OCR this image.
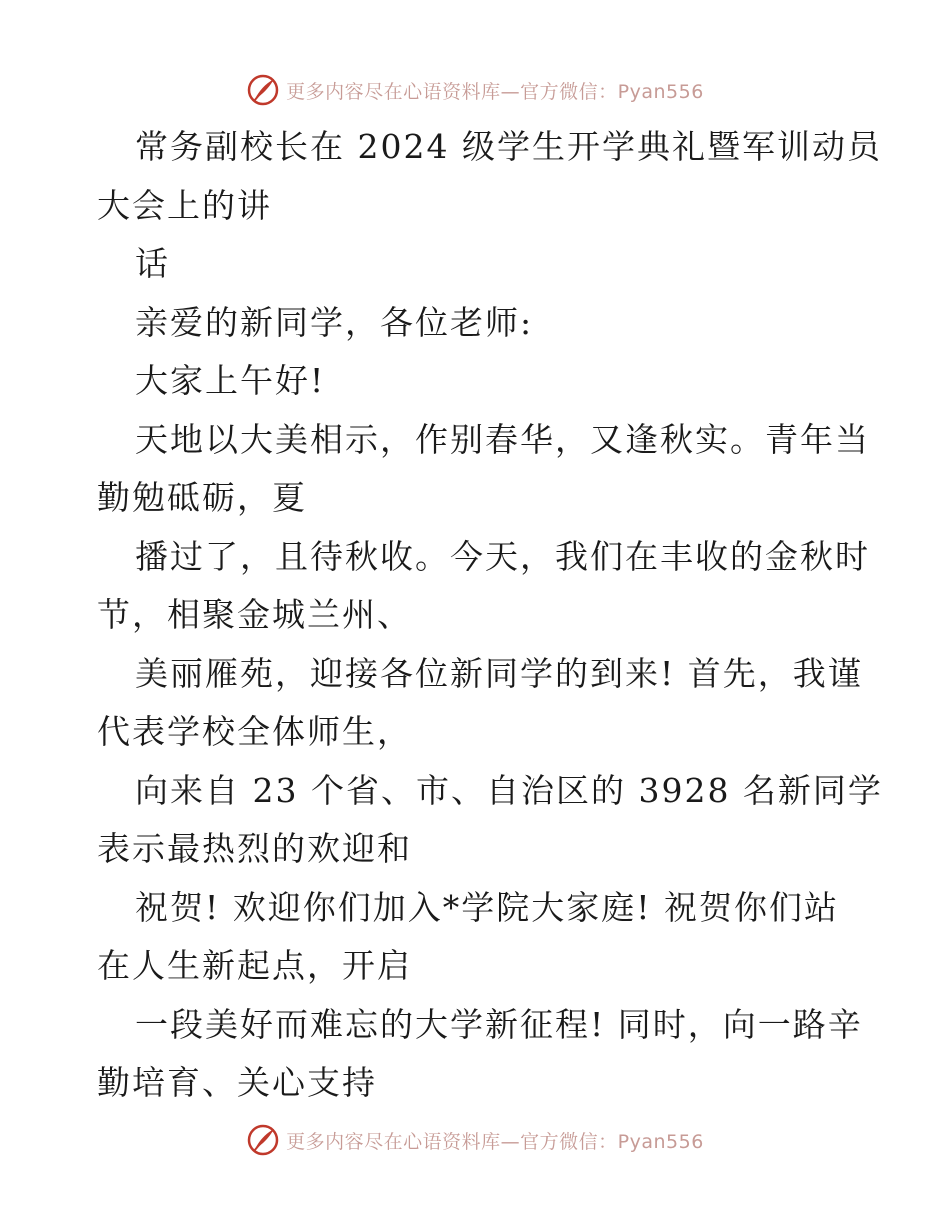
更多内容尽在心语资料库—官方微信：Pyan556
常务副校长在 2024 级学生开学典礼暨军训动员
大会上的讲
话
亲爱的新同学，各位老师:
大家上午好!
天地以大美相示，作别春华，又逢秋实。青年当
勤勉砥砺，夏
播过了，且待秋收。今天，我们在丰收的金秋时
节，相聚金城兰州、
美丽雁苑，迎接各位新同学的到来! 首先，我谨
代表学校全体师生，
向来自 23 个省、市、自治区的 3928 名新同学
表示最热烈的欢迎和
祝贺! 欢迎你们加入*学院大家庭! 祝贺你们站
在人生新起点，开启
一段美好而难忘的大学新征程! 同时，向一路辛
勤培育、关心支持
更多内容尽在心语资料库—官方微信：Pyan556
